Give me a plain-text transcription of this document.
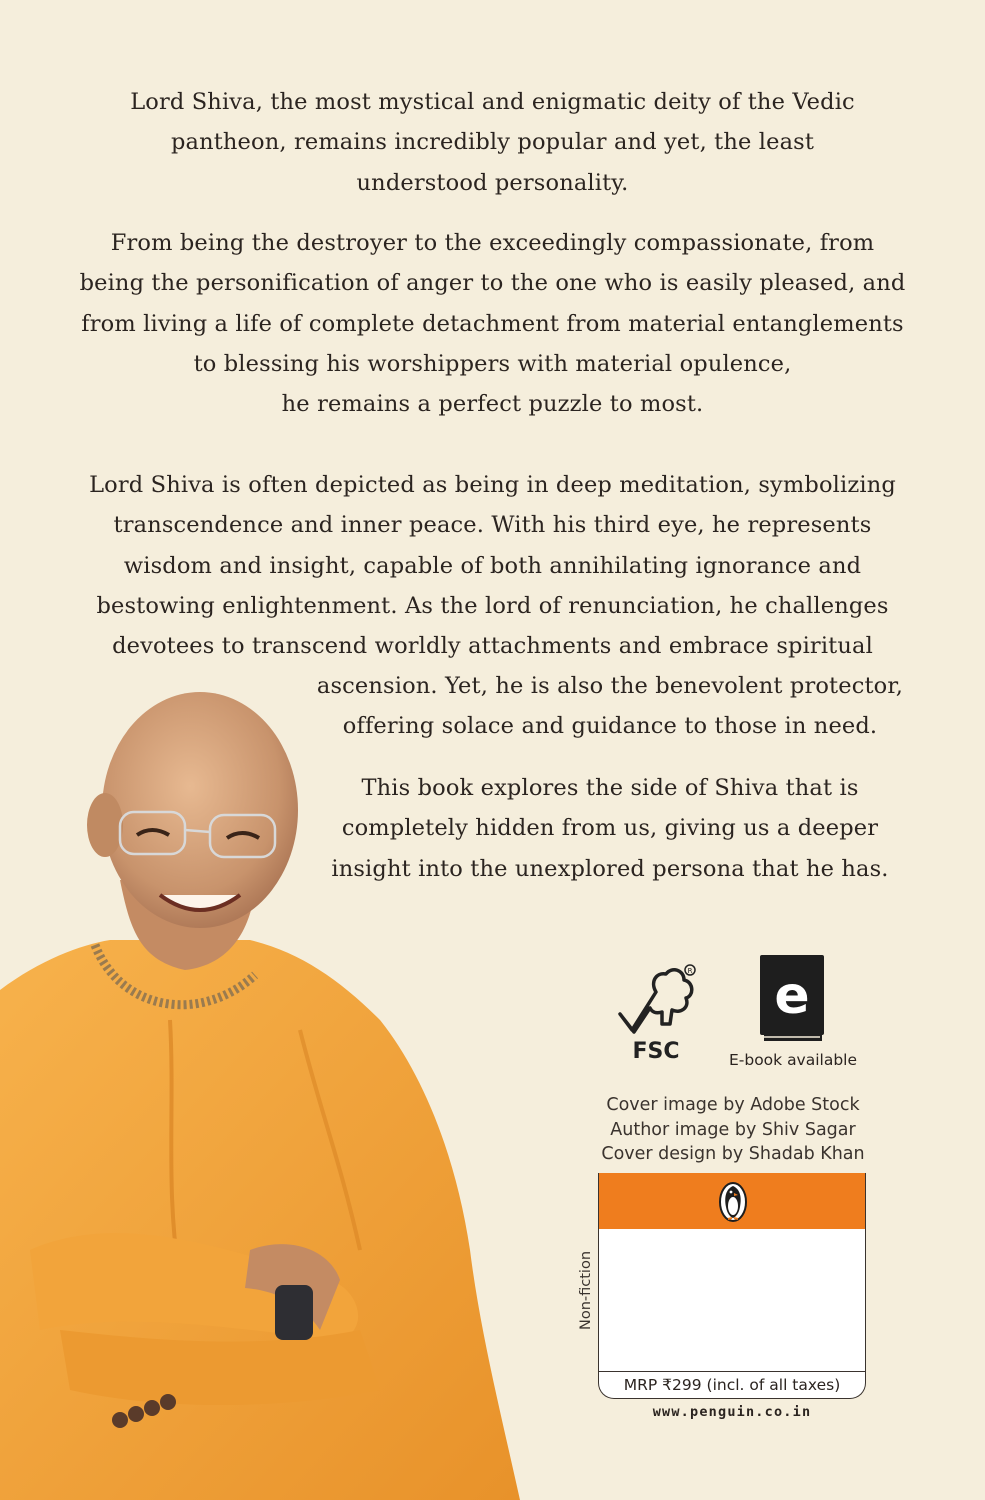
Lord Shiva, the most mystical and enigmatic deity of the Vedic
pantheon, remains incredibly popular and yet, the least
understood personality.

From being the destroyer to the exceedingly compassionate, from
being the personification of anger to the one who is easily pleased, and
from living a life of complete detachment from material entanglements
to blessing his worshippers with material opulence,
he remains a perfect puzzle to most.

Lord Shiva is often depicted as being in deep meditation, symbolizing
transcendence and inner peace. With his third eye, he represents
wisdom and insight, capable of both annihilating ignorance and
bestowing enlightenment. As the lord of renunciation, he challenges
devotees to transcend worldly attachments and embrace spiritual

ascension. Yet, he is also the benevolent protector,
offering solace and guidance to those in need.

This book explores the side of Shiva that is
completely hidden from us, giving us a deeper
insight into the unexplored persona that he has.

R
FSC
e
E-book available
Cover image by Adobe Stock
Author image by Shiv Sagar
Cover design by Shadab Khan
Non-fiction
MRP ₹299 (incl. of all taxes)
www.penguin.co.in
